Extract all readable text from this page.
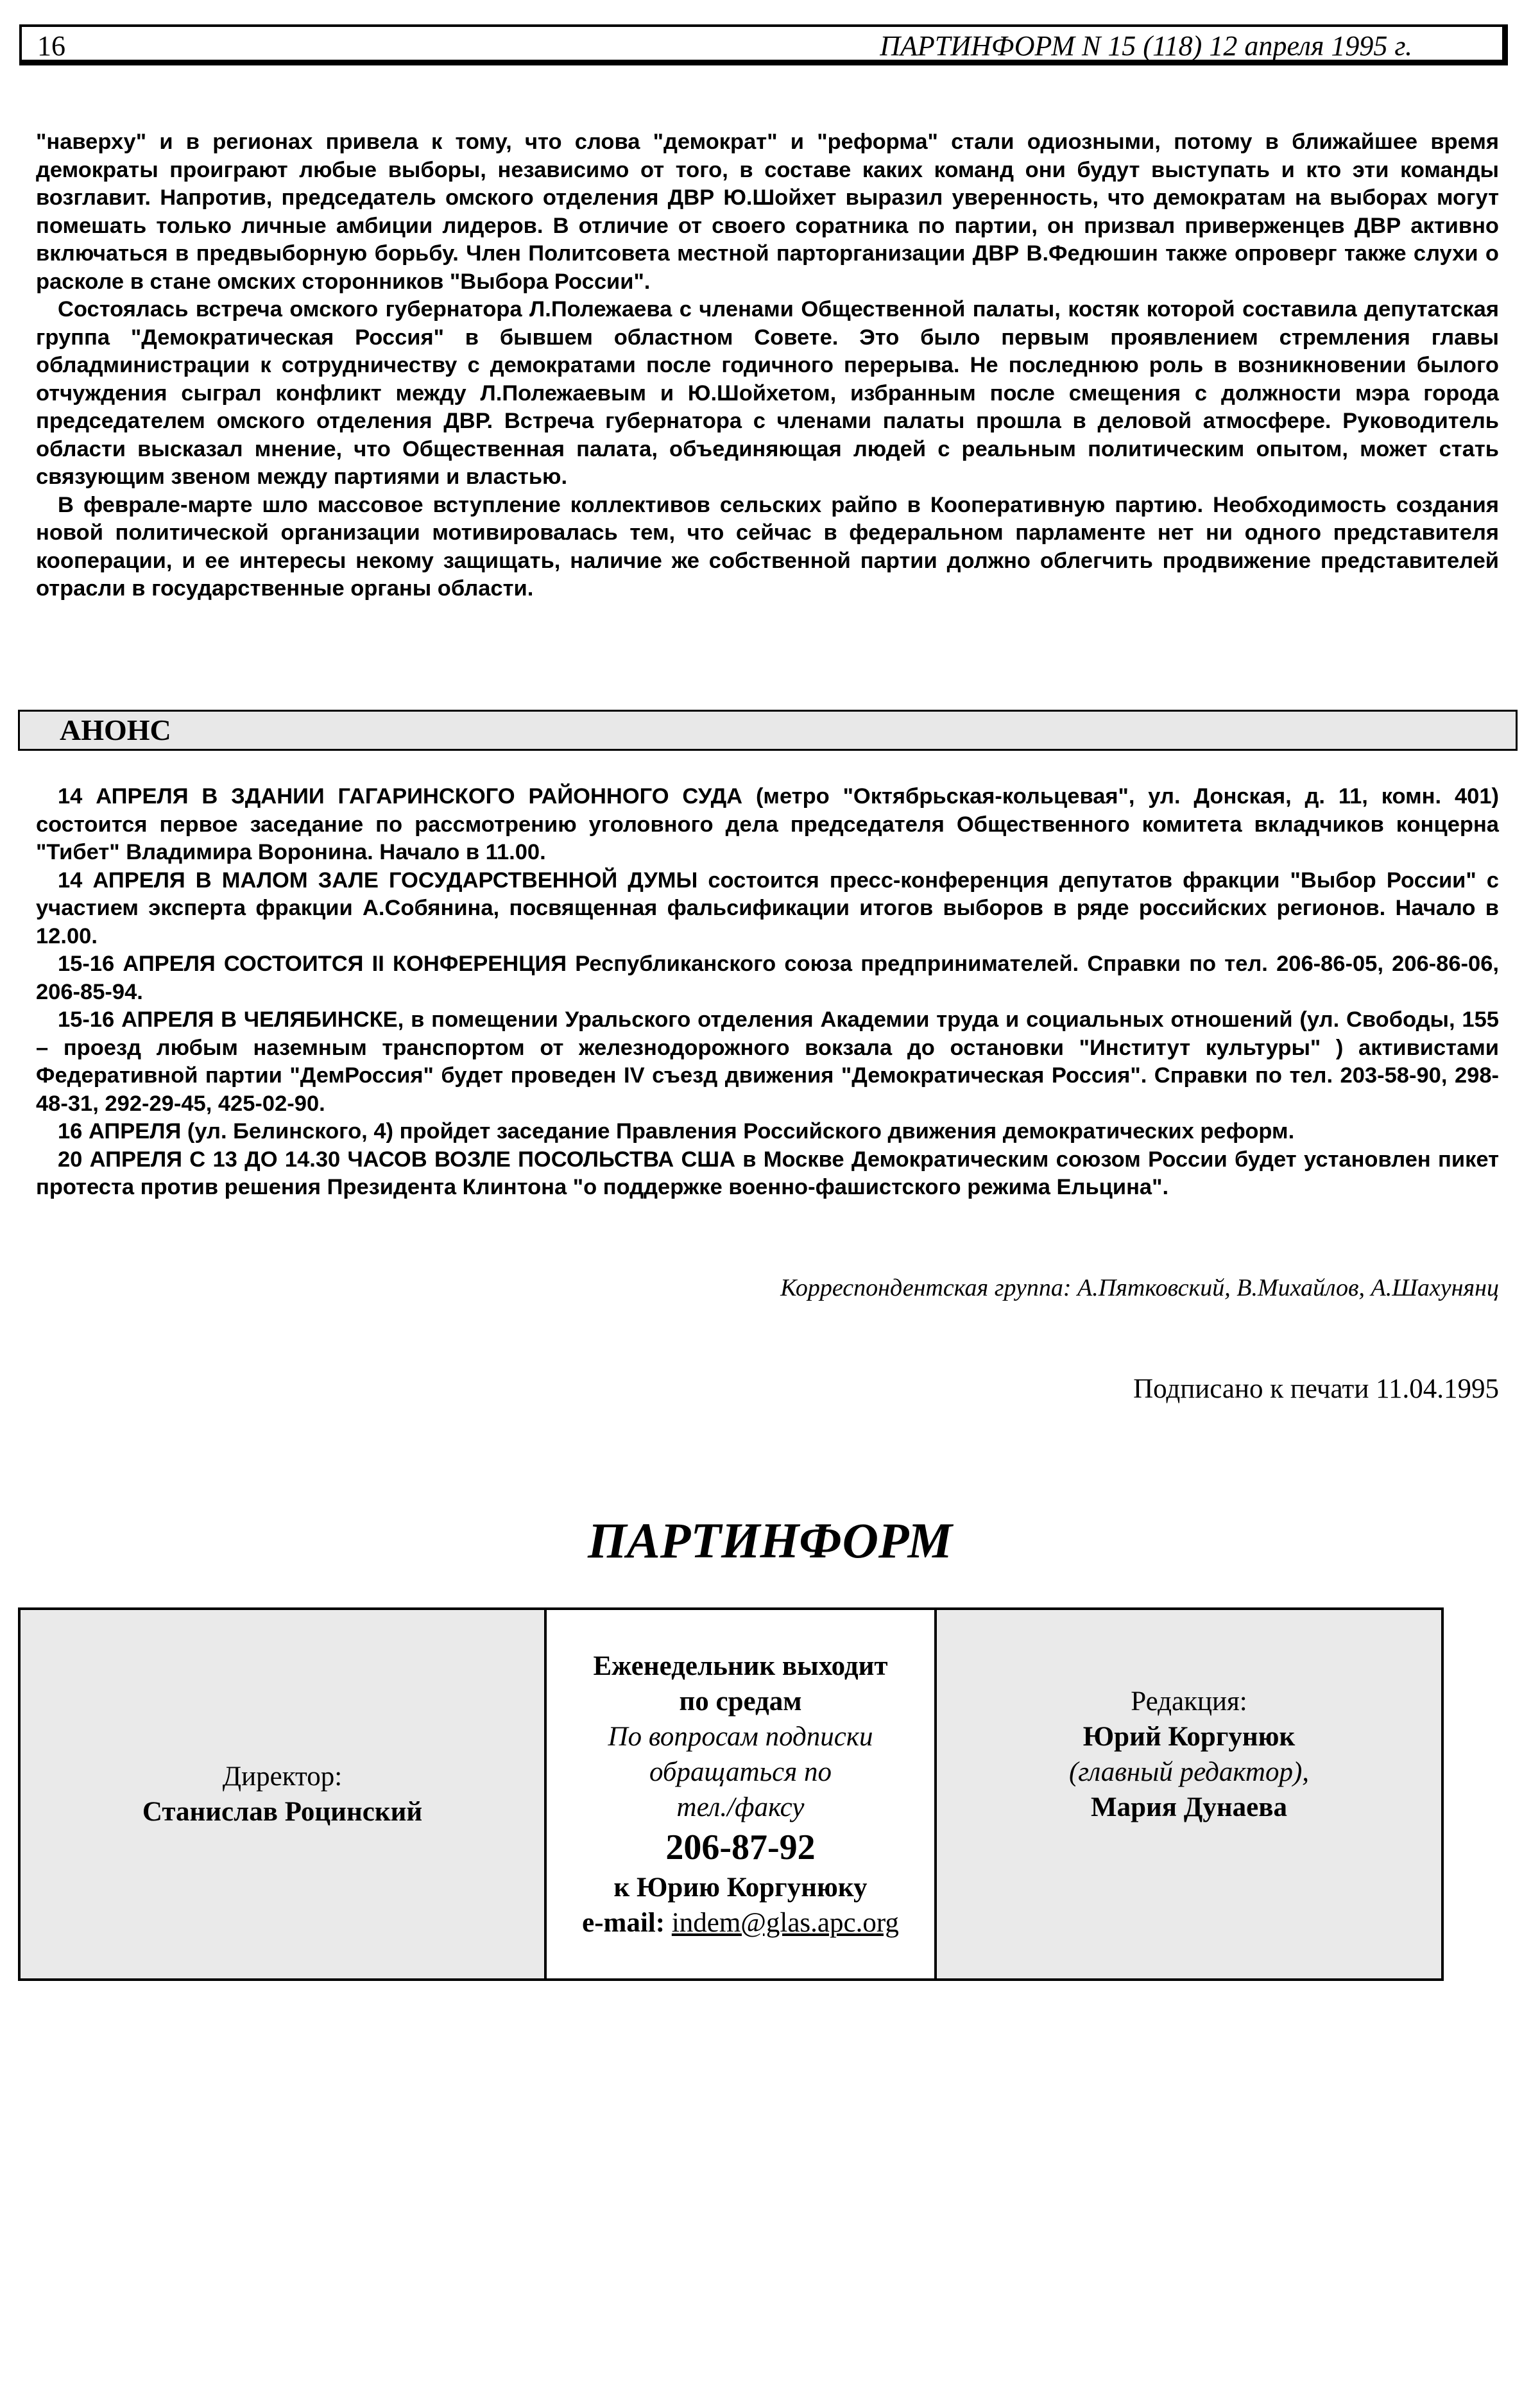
16	ПАРТИНФОРМ N 15 (118) 12 апреля 1995 г.

"наверху" и в регионах привела к тому, что слова "демократ" и "реформа" стали одиозными, потому в ближайшее время демократы проиграют любые выборы, независимо от того, в составе каких команд они будут выступать и кто эти команды возглавит. Напротив, председатель омского отделения ДВР Ю.Шойхет выразил уверенность, что демократам на выборах могут помешать только личные амбиции лидеров. В отличие от своего соратника по партии, он призвал приверженцев ДВР активно включаться в предвыборную борьбу. Член Политсовета местной парторганизации ДВР В.Федюшин также опроверг также слухи о расколе в стане омских сторонников "Выбора России".

Состоялась встреча омского губернатора Л.Полежаева с членами Общественной палаты, костяк которой составила депутатская группа "Демократическая Россия" в бывшем областном Совете. Это было первым проявлением стремления главы обладминистрации к сотрудничеству с демократами после годичного перерыва. Не последнюю роль в возникновении былого отчуждения сыграл конфликт между Л.Полежаевым и Ю.Шойхетом, избранным после смещения с должности мэра города председателем омского отделения ДВР. Встреча губернатора с членами палаты прошла в деловой атмосфере. Руководитель области высказал мнение, что Общественная палата, объединяющая людей с реальным политическим опытом, может стать связующим звеном между партиями и властью.

В феврале-марте шло массовое вступление коллективов сельских райпо в Кооперативную партию. Необходимость создания новой политической организации мотивировалась тем, что сейчас в федеральном парламенте нет ни одного представителя кооперации, и ее интересы некому защищать, наличие же собственной партии должно облегчить продвижение представителей отрасли в государственные органы области.

АНОНС

14 АПРЕЛЯ В ЗДАНИИ ГАГАРИНСКОГО РАЙОННОГО СУДА (метро "Октябрьская-кольцевая", ул. Донская, д. 11, комн. 401) состоится первое заседание по рассмотрению уголовного дела председателя Общественного комитета вкладчиков концерна "Тибет" Владимира Воронина. Начало в 11.00.

14 АПРЕЛЯ В МАЛОМ ЗАЛЕ ГОСУДАРСТВЕННОЙ ДУМЫ состоится пресс-конференция депутатов фракции "Выбор России" с участием эксперта фракции А.Собянина, посвященная фальсификации итогов выборов в ряде российских регионов. Начало в 12.00.

15-16 АПРЕЛЯ СОСТОИТСЯ II КОНФЕРЕНЦИЯ Республиканского союза предпринимателей. Справки по тел. 206-86-05, 206-86-06, 206-85-94.

15-16 АПРЕЛЯ В ЧЕЛЯБИНСКЕ, в помещении Уральского отделения Академии труда и социальных отношений (ул. Свободы, 155 – проезд любым наземным транспортом от железнодорожного вокзала до остановки "Институт культуры" ) активистами Федеративной партии "ДемРоссия" будет проведен IV съезд движения "Демократическая Россия". Справки по тел. 203-58-90, 298-48-31, 292-29-45, 425-02-90.

16 АПРЕЛЯ (ул. Белинского, 4) пройдет заседание Правления Российского движения демократических реформ.

20 АПРЕЛЯ С 13 ДО 14.30 ЧАСОВ ВОЗЛЕ ПОСОЛЬСТВА США в Москве Демократическим союзом России будет установлен пикет протеста против решения Президента Клинтона "о поддержке военно-фашистского режима Ельцина".

Корреспондентская группа: А.Пятковский, В.Михайлов, А.Шахунянц
Подписано к печати 11.04.1995
ПАРТИНФОРМ
Директор:
Станислав Роцинский
Еженедельник выходит
по средам
По вопросам подписки
обращаться по
тел./факсу
206-87-92
к Юрию Коргунюку
e-mail: indem@glas.apc.org
Редакция:
Юрий Коргунюк
(главный редактор),
Мария Дунаева
